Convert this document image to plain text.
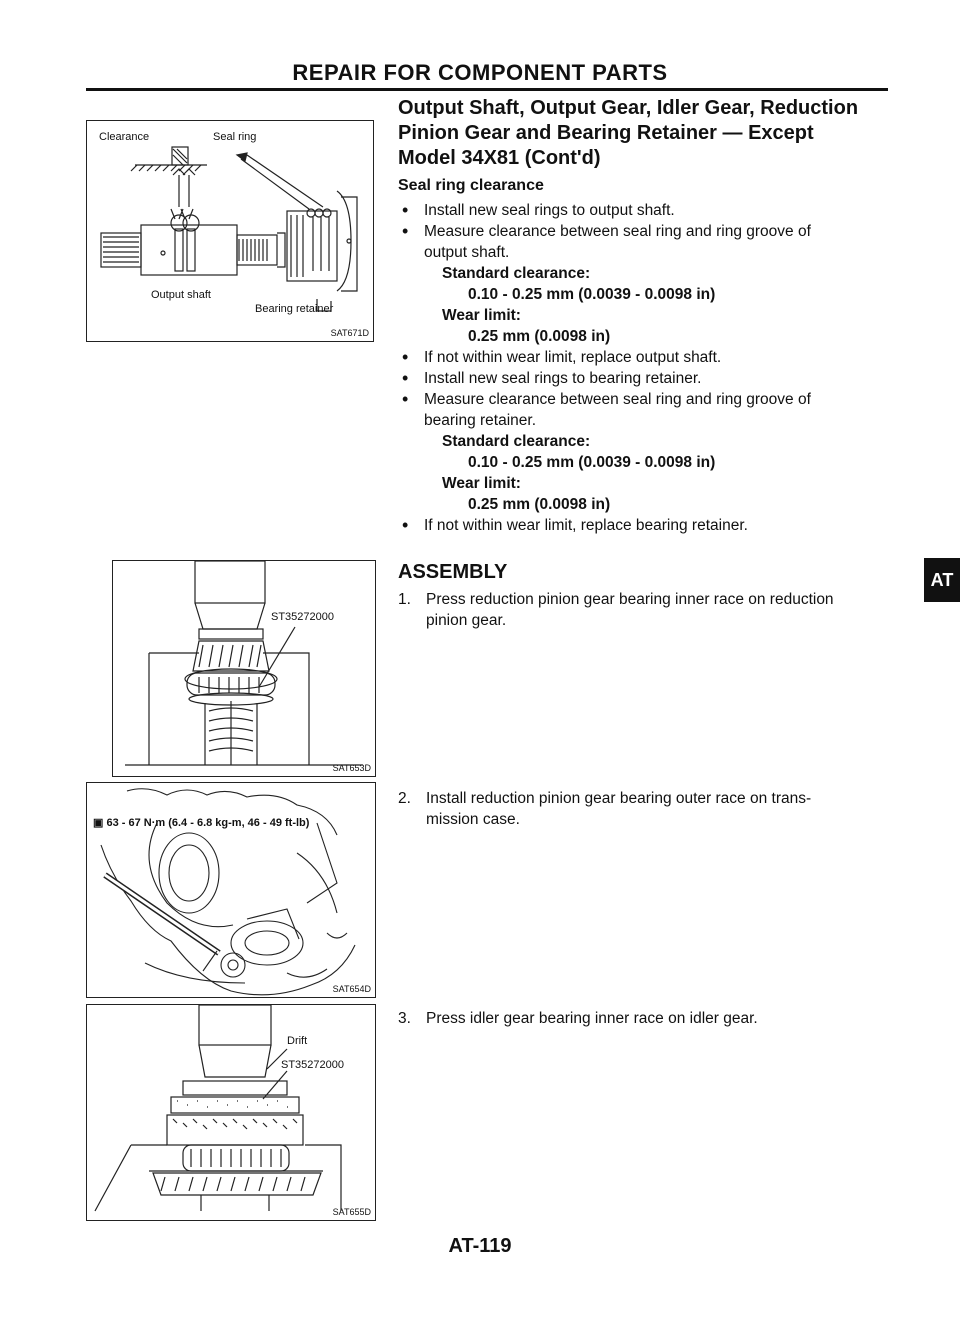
REPAIR FOR COMPONENT PARTS
AT
Clearance	Seal ring
Output shaft
Bearing retainer
SAT671D
ST35272000
SAT653D
▣ 63 - 67 N·m (6.4 - 6.8 kg-m, 46 - 49 ft-lb)
SAT654D
Drift
ST35272000
SAT655D
Output Shaft, Output Gear, Idler Gear, Reduction
Pinion Gear and Bearing Retainer — Except
Model 34X81 (Cont'd)
Seal ring clearance
• Install new seal rings to output shaft.
• Measure clearance between seal ring and ring groove of
output shaft.
Standard clearance:
0.10 - 0.25 mm (0.0039 - 0.0098 in)
Wear limit:
0.25 mm (0.0098 in)
• If not within wear limit, replace output shaft.
• Install new seal rings to bearing retainer.
• Measure clearance between seal ring and ring groove of
bearing retainer.
Standard clearance:
0.10 - 0.25 mm (0.0039 - 0.0098 in)
Wear limit:
0.25 mm (0.0098 in)
• If not within wear limit, replace bearing retainer.
ASSEMBLY
1. Press reduction pinion gear bearing inner race on reduction
pinion gear.
2. Install reduction pinion gear bearing outer race on trans-
mission case.
3. Press idler gear bearing inner race on idler gear.
AT-119
